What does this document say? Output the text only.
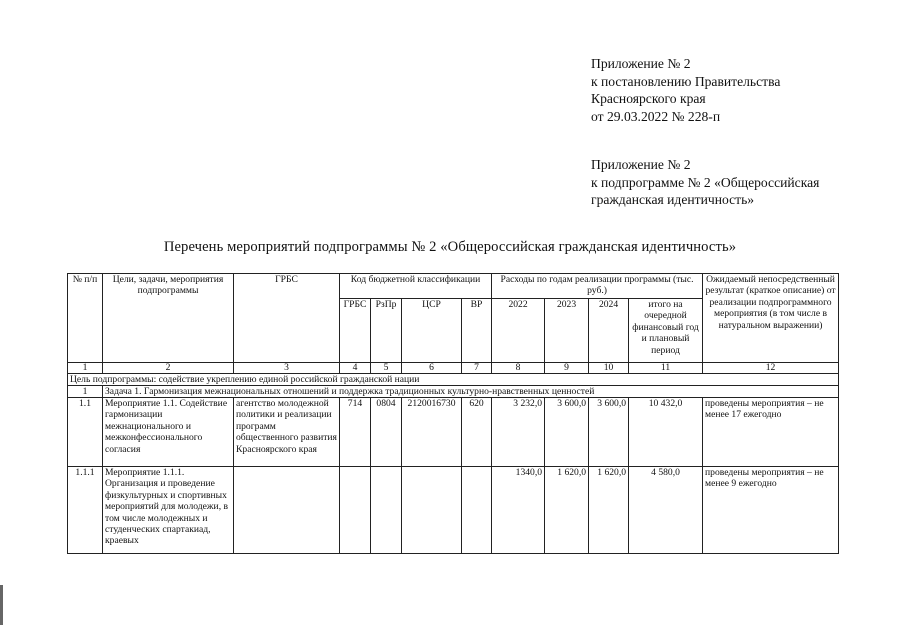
Приложение № 2
к постановлению Правительства
Красноярского края
от 29.03.2022 № 228-п
Приложение № 2
к подпрограмме № 2 «Общероссийская
гражданская идентичность»
Перечень мероприятий подпрограммы № 2 «Общероссийская гражданская идентичность»
№ п/п	Цели, задачи, мероприятия подпрограммы	ГРБС	Код бюджетной классификации				Расходы по годам реализации программы (тыс. руб.)				Ожидаемый непосредственный результат (краткое описание) от реализации подпрограммного мероприятия (в том числе в натуральном выражении)
			ГРБС	РзПр	ЦСР	ВР	2022	2023	2024	итого на очередной финансовый год и плановый период	
1	2	3	4	5	6	7	8	9	10	11	12
Цель подпрограммы: содействие укреплению единой российской гражданской нации											
1	Задача 1. Гармонизация межнациональных отношений и поддержка традиционных культурно-нравственных ценностей										
1.1	Мероприятие 1.1. Содействие гармонизации межнационального и межконфессионального согласия	агентство молодежной политики и реализации программ общественного развития Красноярского края	714	0804	2120016730	620	3 232,0	3 600,0	3 600,0	10 432,0	проведены мероприятия – не менее 17 ежегодно
1.1.1	Мероприятие 1.1.1. Организация и проведение физкультурных и спортивных мероприятий для молодежи, в том числе молодежных и студенческих спартакиад, краевых						1340,0	1 620,0	1 620,0	4 580,0	проведены мероприятия – не менее 9 ежегодно
